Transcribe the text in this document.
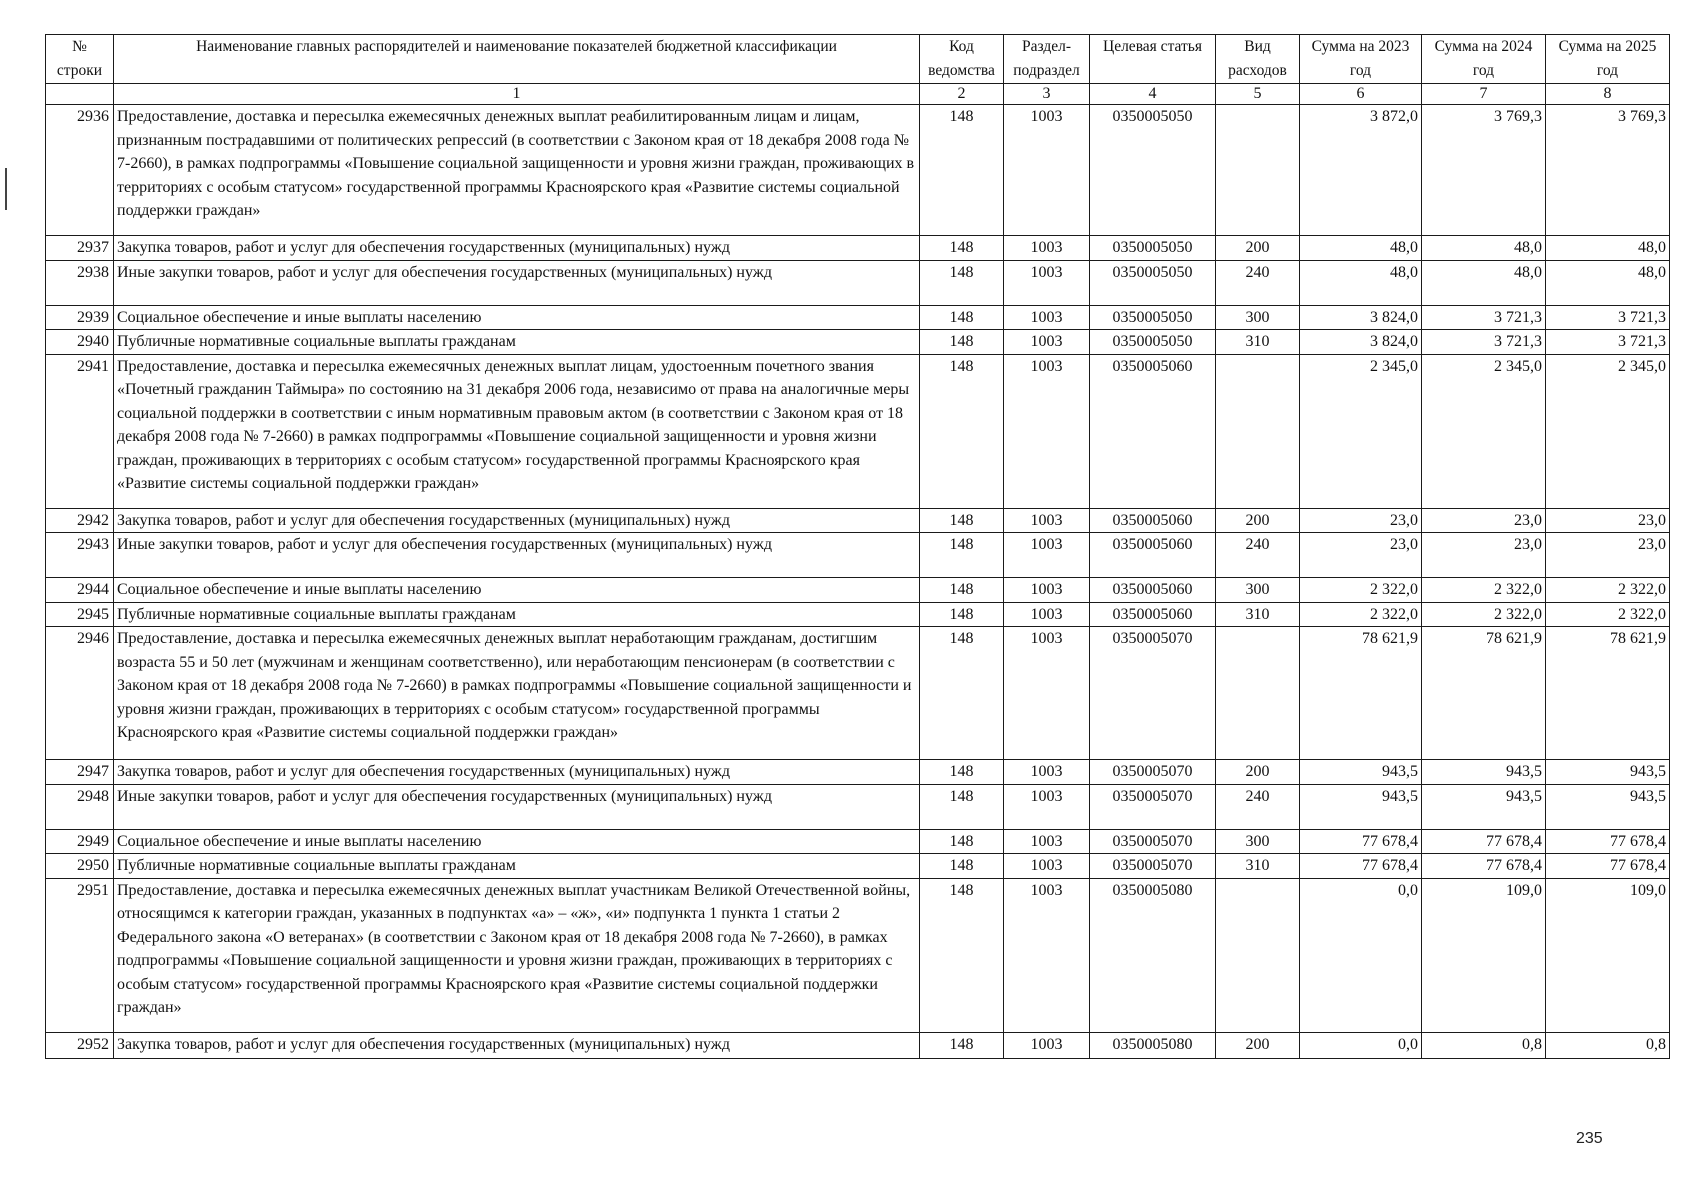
№ строки	Наименование главных распорядителей и наименование показателей бюджетной классификации	Код ведомства	Раздел-подраздел	Целевая статья	Вид расходов	Сумма на 2023 год	Сумма на 2024 год	Сумма на 2025 год
	1	2	3	4	5	6	7	8
2936	Предоставление, доставка и пересылка ежемесячных денежных выплат реабилитированным лицам и лицам, признанным пострадавшими от политических репрессий (в соответствии с Законом края от 18 декабря 2008 года № 7-2660), в рамках подпрограммы «Повышение социальной защищенности и уровня жизни граждан, проживающих в территориях с особым статусом» государственной программы Красноярского края «Развитие системы социальной поддержки граждан»	148	1003	0350005050		3 872,0	3 769,3	3 769,3
2937	Закупка товаров, работ и услуг для обеспечения государственных (муниципальных) нужд	148	1003	0350005050	200	48,0	48,0	48,0
2938	Иные закупки товаров, работ и услуг для обеспечения государственных (муниципальных) нужд	148	1003	0350005050	240	48,0	48,0	48,0
2939	Социальное обеспечение и иные выплаты населению	148	1003	0350005050	300	3 824,0	3 721,3	3 721,3
2940	Публичные нормативные социальные выплаты гражданам	148	1003	0350005050	310	3 824,0	3 721,3	3 721,3
2941	Предоставление, доставка и пересылка ежемесячных денежных выплат лицам, удостоенным почетного звания «Почетный гражданин Таймыра» по состоянию на 31 декабря 2006 года, независимо от права на аналогичные меры социальной поддержки в соответствии с иным нормативным правовым актом (в соответствии с Законом края от 18 декабря 2008 года № 7-2660) в рамках подпрограммы «Повышение социальной защищенности и уровня жизни граждан, проживающих в территориях с особым статусом» государственной программы Красноярского края «Развитие системы социальной поддержки граждан»	148	1003	0350005060		2 345,0	2 345,0	2 345,0
2942	Закупка товаров, работ и услуг для обеспечения государственных (муниципальных) нужд	148	1003	0350005060	200	23,0	23,0	23,0
2943	Иные закупки товаров, работ и услуг для обеспечения государственных (муниципальных) нужд	148	1003	0350005060	240	23,0	23,0	23,0
2944	Социальное обеспечение и иные выплаты населению	148	1003	0350005060	300	2 322,0	2 322,0	2 322,0
2945	Публичные нормативные социальные выплаты гражданам	148	1003	0350005060	310	2 322,0	2 322,0	2 322,0
2946	Предоставление, доставка и пересылка ежемесячных денежных выплат неработающим гражданам, достигшим возраста 55 и 50 лет (мужчинам и женщинам соответственно), или неработающим пенсионерам (в соответствии с Законом края от 18 декабря 2008 года № 7-2660) в рамках подпрограммы «Повышение социальной защищенности и уровня жизни граждан, проживающих в территориях с особым статусом» государственной программы Красноярского края «Развитие системы социальной поддержки граждан»	148	1003	0350005070		78 621,9	78 621,9	78 621,9
2947	Закупка товаров, работ и услуг для обеспечения государственных (муниципальных) нужд	148	1003	0350005070	200	943,5	943,5	943,5
2948	Иные закупки товаров, работ и услуг для обеспечения государственных (муниципальных) нужд	148	1003	0350005070	240	943,5	943,5	943,5
2949	Социальное обеспечение и иные выплаты населению	148	1003	0350005070	300	77 678,4	77 678,4	77 678,4
2950	Публичные нормативные социальные выплаты гражданам	148	1003	0350005070	310	77 678,4	77 678,4	77 678,4
2951	Предоставление, доставка и пересылка ежемесячных денежных выплат участникам Великой Отечественной войны, относящимся к категории граждан, указанных в подпунктах «а» – «ж», «и» подпункта 1 пункта 1 статьи 2 Федерального закона «О ветеранах» (в соответствии с Законом края от 18 декабря 2008 года № 7-2660), в рамках подпрограммы «Повышение социальной защищенности и уровня жизни граждан, проживающих в территориях с особым статусом» государственной программы Красноярского края «Развитие системы социальной поддержки граждан»	148	1003	0350005080		0,0	109,0	109,0
2952	Закупка товаров, работ и услуг для обеспечения государственных (муниципальных) нужд	148	1003	0350005080	200	0,0	0,8	0,8
235
